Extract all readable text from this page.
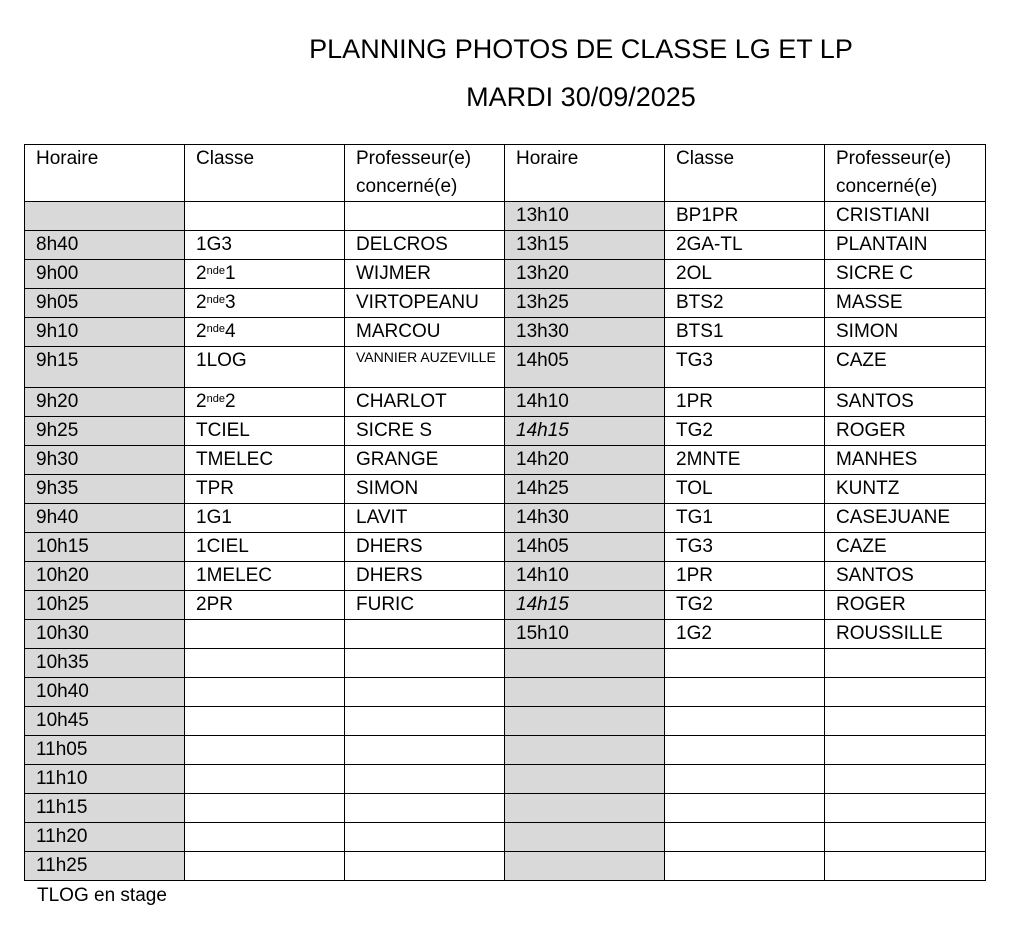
PLANNING PHOTOS DE CLASSE LG ET LP
MARDI 30/09/2025
Horaire	Classe	Professeur(e) concerné(e)	Horaire	Classe	Professeur(e) concerné(e)
			13h10	BP1PR	CRISTIANI
8h40	1G3	DELCROS	13h15	2GA-TL	PLANTAIN
9h00	2nde1	WIJMER	13h20	2OL	SICRE C
9h05	2nde3	VIRTOPEANU	13h25	BTS2	MASSE
9h10	2nde4	MARCOU	13h30	BTS1	SIMON
9h15	1LOG	VANNIER AUZEVILLE	14h05	TG3	CAZE
9h20	2nde2	CHARLOT	14h10	1PR	SANTOS
9h25	TCIEL	SICRE S	14h15	TG2	ROGER
9h30	TMELEC	GRANGE	14h20	2MNTE	MANHES
9h35	TPR	SIMON	14h25	TOL	KUNTZ
9h40	1G1	LAVIT	14h30	TG1	CASEJUANE
10h15	1CIEL	DHERS	14h05	TG3	CAZE
10h20	1MELEC	DHERS	14h10	1PR	SANTOS
10h25	2PR	FURIC	14h15	TG2	ROGER
10h30			15h10	1G2	ROUSSILLE
10h35					
10h40					
10h45					
11h05					
11h10					
11h15					
11h20					
11h25					
TLOG en stage
